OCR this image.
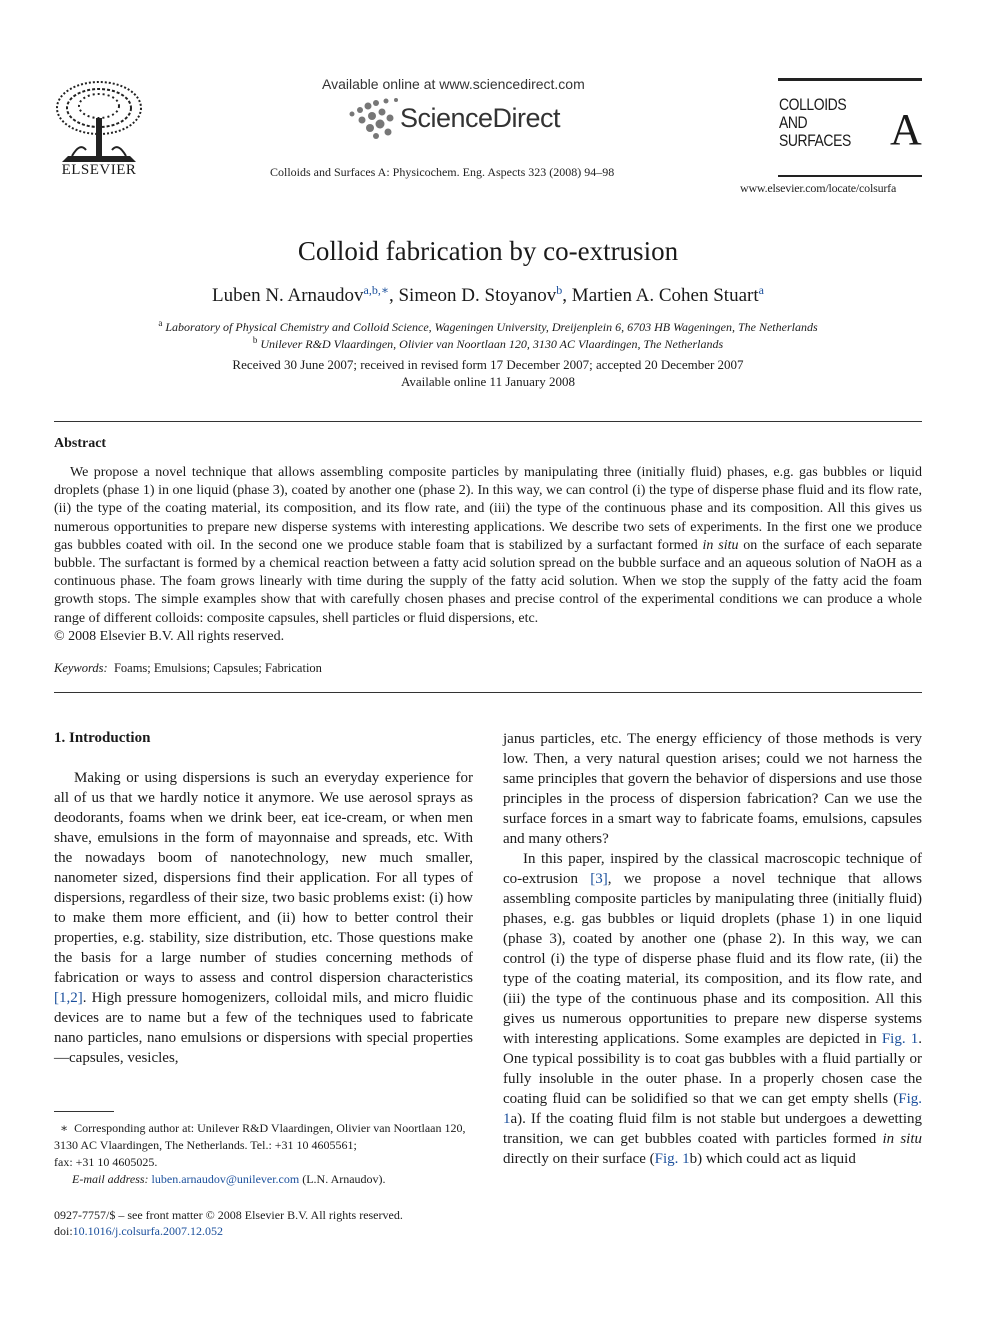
ELSEVIER
Available online at www.sciencedirect.com
ScienceDirect
Colloids and Surfaces A: Physicochem. Eng. Aspects 323 (2008) 94–98
COLLOIDS AND SURFACES A
www.elsevier.com/locate/colsurfa
Colloid fabrication by co-extrusion
Luben N. Arnaudov$^{a,b,∗}$, Simeon D. Stoyanov$^b$, Martien A. Cohen Stuart$^a$
$^a$ Laboratory of Physical Chemistry and Colloid Science, Wageningen University, Dreijenplein 6, 6703 HB Wageningen, The Netherlands
$^b$ Unilever R&D Vlaardingen, Olivier van Noortlaan 120, 3130 AC Vlaardingen, The Netherlands
Received 30 June 2007; received in revised form 17 December 2007; accepted 20 December 2007
Available online 11 January 2008
Abstract

We propose a novel technique that allows assembling composite particles by manipulating three (initially fluid) phases, e.g. gas bubbles or liquid droplets (phase 1) in one liquid (phase 3), coated by another one (phase 2). In this way, we can control (i) the type of disperse phase fluid and its flow rate, (ii) the type of the coating material, its composition, and its flow rate, and (iii) the type of the continuous phase and its composition. All this gives us numerous opportunities to prepare new disperse systems with interesting applications. We describe two sets of experiments. In the first one we produce gas bubbles coated with oil. In the second one we produce stable foam that is stabilized by a surfactant formed in situ on the surface of each separate bubble. The surfactant is formed by a chemical reaction between a fatty acid solution spread on the bubble surface and an aqueous solution of NaOH as a continuous phase. The foam grows linearly with time during the supply of the fatty acid solution. When we stop the supply of the fatty acid the foam growth stops. The simple examples show that with carefully chosen phases and precise control of the experimental conditions we can produce a whole range of different colloids: composite capsules, shell particles or fluid dispersions, etc.

© 2008 Elsevier B.V. All rights reserved.
Keywords: Foams; Emulsions; Capsules; Fabrication
1. Introduction

Making or using dispersions is such an everyday experience for all of us that we hardly notice it anymore. We use aerosol sprays as deodorants, foams when we drink beer, eat ice-cream, or when men shave, emulsions in the form of mayonnaise and spreads, etc. With the nowadays boom of nanotechnology, new much smaller, nanometer sized, dispersions find their application. For all types of dispersions, regardless of their size, two basic problems exist: (i) how to make them more efficient, and (ii) how to better control their properties, e.g. stability, size distribution, etc. Those questions make the basis for a large number of studies concerning methods of fabrication or ways to assess and control dispersion characteristics [1,2]. High pressure homogenizers, colloidal mils, and micro fluidic devices are to name but a few of the techniques used to fabricate nano particles, nano emulsions or dispersions with special properties—capsules, vesicles,

janus particles, etc. The energy efficiency of those methods is very low. Then, a very natural question arises; could we not harness the same principles that govern the behavior of dispersions and use those principles in the process of dispersion fabrication? Can we use the surface forces in a smart way to fabricate foams, emulsions, capsules and many others?

In this paper, inspired by the classical macroscopic technique of co-extrusion [3], we propose a novel technique that allows assembling composite particles by manipulating three (initially fluid) phases, e.g. gas bubbles or liquid droplets (phase 1) in one liquid (phase 3), coated by another one (phase 2). In this way, we can control (i) the type of disperse phase fluid and its flow rate, (ii) the type of the coating material, its composition, and its flow rate, and (iii) the type of the continuous phase and its composition. All this gives us numerous opportunities to prepare new disperse systems with interesting applications. Some examples are depicted in Fig. 1. One typical possibility is to coat gas bubbles with a fluid partially or fully insoluble in the outer phase. In a properly chosen case the coating fluid can be solidified so that we can get empty shells (Fig. 1a). If the coating fluid film is not stable but undergoes a dewetting transition, we can get bubbles coated with particles formed in situ directly on their surface (Fig. 1b) which could act as liquid

∗ Corresponding author at: Unilever R&D Vlaardingen, Olivier van Noortlaan 120, 3130 AC Vlaardingen, The Netherlands. Tel.: +31 10 4605561;

fax: +31 10 4605025.

E-mail address: luben.arnaudov@unilever.com (L.N. Arnaudov).

0927-7757/$ – see front matter © 2008 Elsevier B.V. All rights reserved.
doi:10.1016/j.colsurfa.2007.12.052
